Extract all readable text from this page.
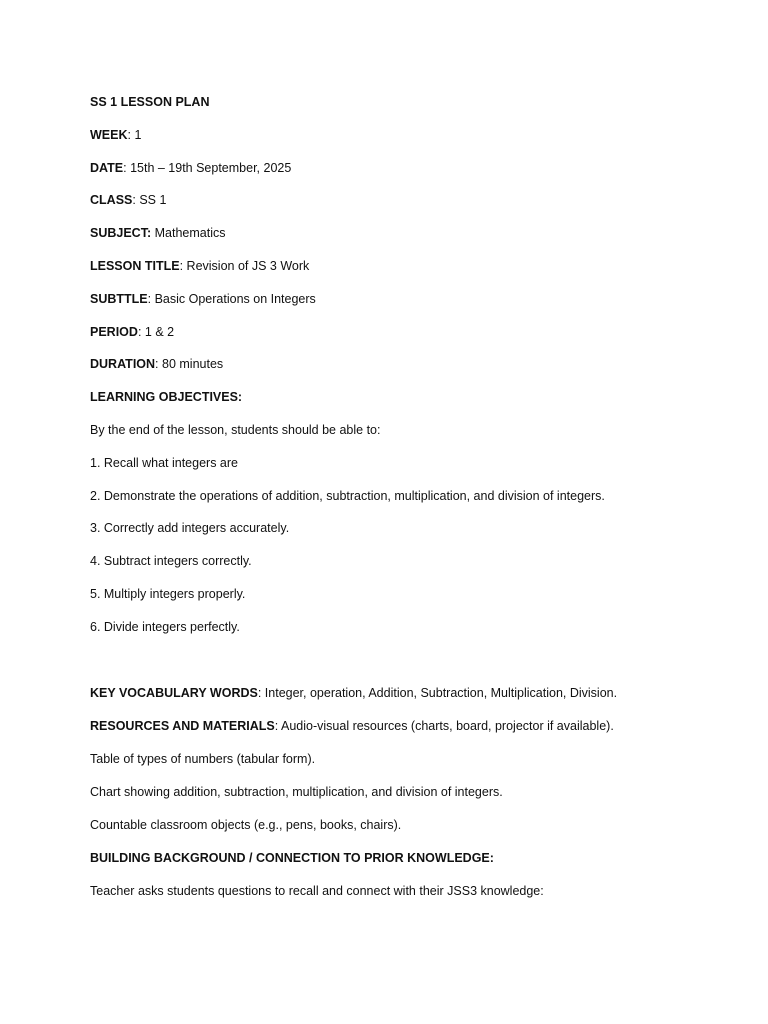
SS 1 LESSON PLAN
WEEK: 1
DATE: 15th – 19th September, 2025
CLASS: SS 1
SUBJECT: Mathematics
LESSON TITLE: Revision of JS 3 Work
SUBTTLE: Basic Operations on Integers
PERIOD: 1 & 2
DURATION: 80 minutes
LEARNING OBJECTIVES:
By the end of the lesson, students should be able to:
1. Recall what integers are
2. Demonstrate the operations of addition, subtraction, multiplication, and division of integers.
3. Correctly add integers accurately.
4. Subtract integers correctly.
5. Multiply integers properly.
6. Divide integers perfectly.
KEY VOCABULARY WORDS: Integer, operation, Addition, Subtraction, Multiplication, Division.
RESOURCES AND MATERIALS: Audio-visual resources (charts, board, projector if available).
Table of types of numbers (tabular form).
Chart showing addition, subtraction, multiplication, and division of integers.
Countable classroom objects (e.g., pens, books, chairs).
BUILDING BACKGROUND / CONNECTION TO PRIOR KNOWLEDGE:
Teacher asks students questions to recall and connect with their JSS3 knowledge:
